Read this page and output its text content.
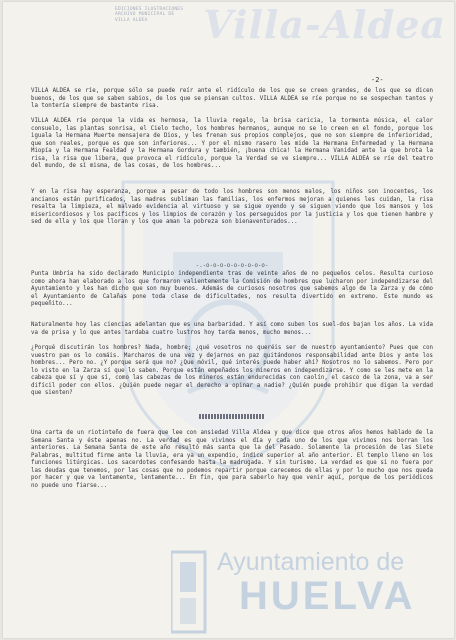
EDICIONES ILUSTRACIONES
ARCHIVO MUNICIPAL DE
VILLA ALDEA	Villa-Aldea
-2-
Ayuntamiento de
HUELVA
VILLA ALDEA se ríe, porque sólo se puede reír ante el ridículo de los que se creen grandes, de los que se dicen buenos, de los que se saben sabios, de los que se piensan cultos. VILLA ALDEA se ríe porque no se sospechan tantos y la tontería siempre de bastante risa.
VILLA ALDEA ríe porque la vida es hermosa, la lluvia regalo, la brisa caricia, la tormenta música, el calor consuelo, las plantas sonrisa, el Cielo techo, los hombres hermanos, aunque no se lo creen en el fondo, porque los iguala la Hermana Muerte mensajera de Dios, y les frenan sus propios complejos, que no son siempre de inferioridad, que son reales, porque es que son inferiores... Y por el mismo rasero les mide la Hermana Enfermedad y la Hermana Miopía y la Hermana Fealdad y la Hermana Gordura y también, ¡buena chica! la Hermana Vanidad ante la que brota la risa, la risa que libera, que provoca el ridículo, porque la Verdad se ve siempre... VILLA ALDEA se ríe del teatro del mundo, de sí misma, de las cosas, de los hombres...
Y en la risa hay esperanza, porque a pesar de todo los hombres son menos malos, los niños son inocentes, los ancianos están purificados, las madres subliman las familias, los enfermos mejoran a quienes les cuidan, la risa resalta la limpieza, el malvado evidencia al virtuoso y se sigue oyendo y se siguen viendo que los mansos y los misericordiosos y los pacíficos y los limpios de corazón y los perseguidos por la justicia y los que tienen hambre y sed de ella y los que lloran y los que aman la pobreza son bienaventurados...
-.-o-o-o-o-o-o-o-o-o-
Punta Umbría ha sido declarado Municipio independiente tras de veinte años de no pequeños celos. Resulta curioso como ahora han elaborado a los que formaron valientemente la Comisión de hombres que lucharon por independizarse del Ayuntamiento y les han dicho que son muy buenos. Además de curiosos nosotros que sabemos algo de la Zarza y de cómo el Ayuntamiento de Calañas pone toda clase de dificultades, nos resulta divertido en extremo. Este mundo es pequeñito...
Naturalmente hoy las ciencias adelantan que es una barbaridad. Y así como suben los suel-dos bajan los años. La vida va de prisa y lo que antes tardaba cuatro lustros hoy tarda menos, mucho menos...
¿Porqué discutirán los hombres? Nada, hombre; ¿qué vosotros no queréis ser de nuestro ayuntamiento? Pues que con vuestro pan os lo comáis. Marcharos de una vez y dejarnos en paz quitándonos responsabilidad ante Dios y ante los hombres... Pero no. ¿Y porque será que no? ¿Que móvil, qué interés puede haber ahí? Nosotros no lo sabemos. Pero por lo visto en la Zarza sí que lo saben. Porque están empeñados los mineros en independizarse. Y como se les mete en la cabeza que sí y que sí, como las cabezas de los mineros están endurecidas con caolín, el casco de la zona, va a ser difícil poder con ellos. ¿Quién puede negar el derecho a opinar a nadie? ¿Quién puede prohibir que digan la verdad que sienten?
Una carta de un riotinteño de fuera que lee con ansiedad Villa Aldea y que dice que otros años hemos hablado de la Semana Santa y éste apenas no. La verdad es que vivimos el día y cada uno de los que vivimos nos borran los anteriores. La Semana Santa de este año resultó más santa que la del Pasado. Solamente la procesión de las Siete Palabras, multitud firme ante la lluvia, era ya un expendio, índice superior al año anterior. El templo lleno en los funciones litúrgicas. Los sacerdotes confesando hasta la madrugada. Y sin turismo. La verdad es que si no fuera por las deudas que tenemos, por las cosas que no podemos repartir porque carecemos de ellas y por lo mucho que nos queda por hacer y que va lentamente, lentamente... En fin, que para saberlo hay que venir aquí, porque de los periódicos no puede uno fiarse...
